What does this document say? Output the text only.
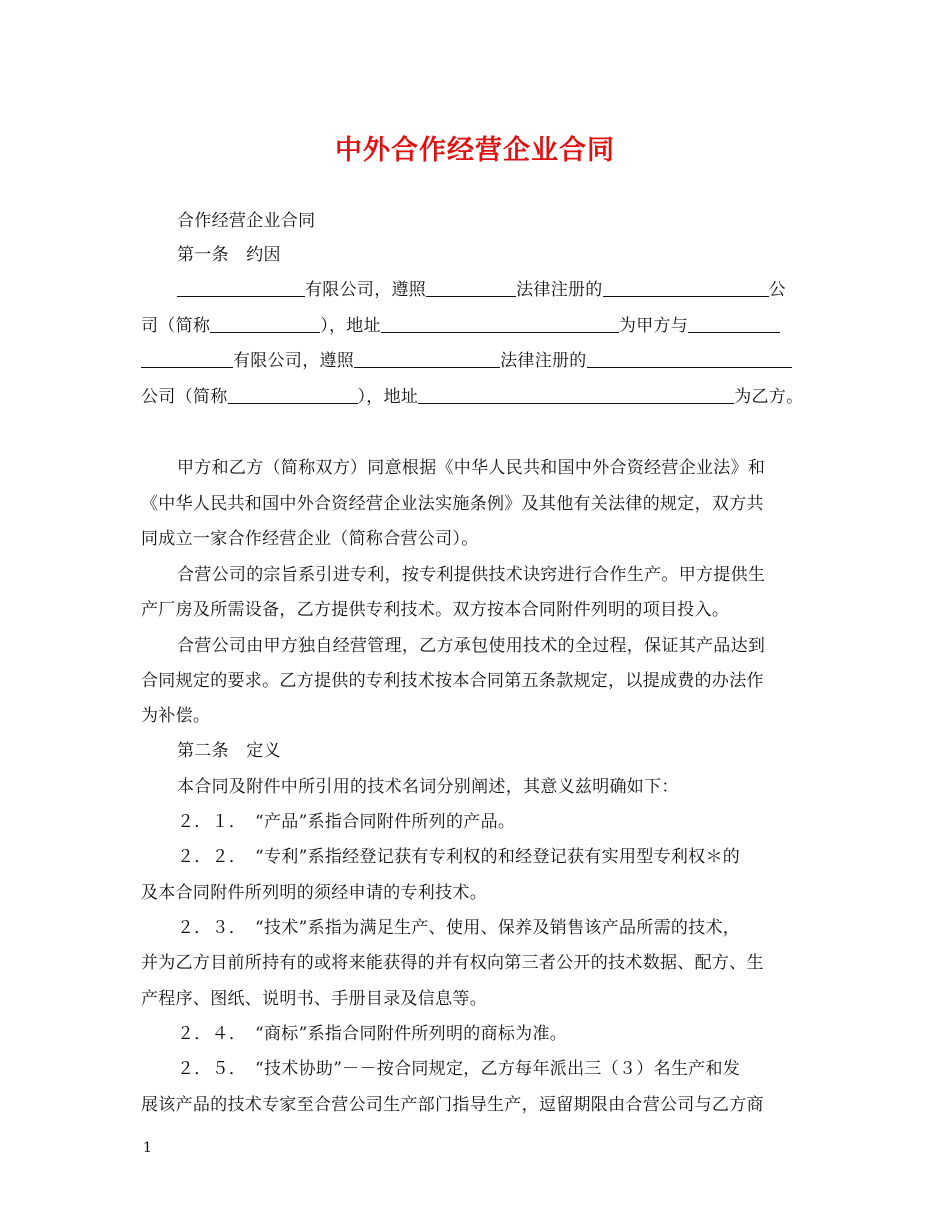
中外合作经营企业合同
合作经营企业合同
第一条　约因
有限公司，遵照	法律注册的	公
司（简称	），地址	为甲方与
有限公司，遵照	法律注册的
公司（简称	），地址	为乙方。
甲方和乙方（简称双方）同意根据《中华人民共和国中外合资经营企业法》和
《中华人民共和国中外合资经营企业法实施条例》及其他有关法律的规定，双方共
同成立一家合作经营企业（简称合营公司）。
合营公司的宗旨系引进专利，按专利提供技术诀窍进行合作生产。甲方提供生
产厂房及所需设备，乙方提供专利技术。双方按本合同附件列明的项目投入。
合营公司由甲方独自经营管理，乙方承包使用技术的全过程，保证其产品达到
合同规定的要求。乙方提供的专利技术按本合同第五条款规定，以提成费的办法作
为补偿。
第二条　定义
本合同及附件中所引用的技术名词分别阐述，其意义兹明确如下：
２．１．　“产品”系指合同附件所列的产品。
２．２．　“专利”系指经登记获有专利权的和经登记获有实用型专利权＊的
及本合同附件所列明的须经申请的专利技术。
２．３．　“技术”系指为满足生产、使用、保养及销售该产品所需的技术，
并为乙方目前所持有的或将来能获得的并有权向第三者公开的技术数据、配方、生
产程序、图纸、说明书、手册目录及信息等。
２．４．　“商标”系指合同附件所列明的商标为准。
２．５．　“技术协助”－－按合同规定，乙方每年派出三（３）名生产和发
展该产品的技术专家至合营公司生产部门指导生产，逗留期限由合营公司与乙方商
1
